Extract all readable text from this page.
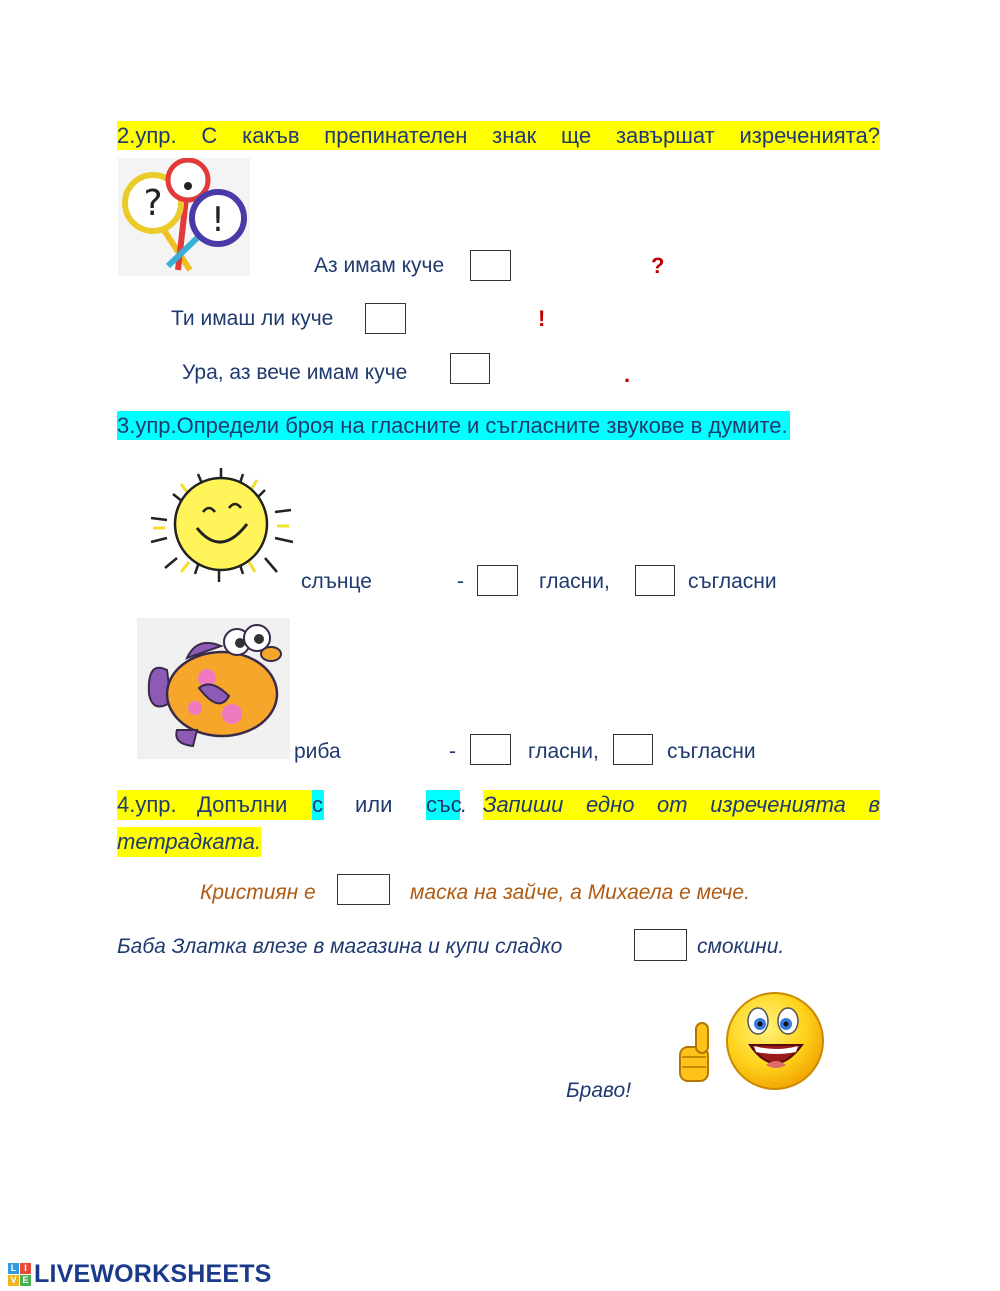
2.упр. С какъв препинателен знак ще завършат изреченията?
? !
Аз имам куче	?
Ти имаш ли куче	!
Ура, аз вече имам куче	.
3.упр.Определи броя на гласните и съгласните звукове в думите.
слънце	-	гласни,	съгласни
риба	-	гласни,	съгласни
4.упр. Допълни с или със . Запиши едно от изреченията в
тетрадката.
Кристиян е	маска на зайче, а Михаела е мече.
Баба Златка влезе в магазина и купи сладко	смокини.
Браво!
L I
V E LIVEWORKSHEETS
